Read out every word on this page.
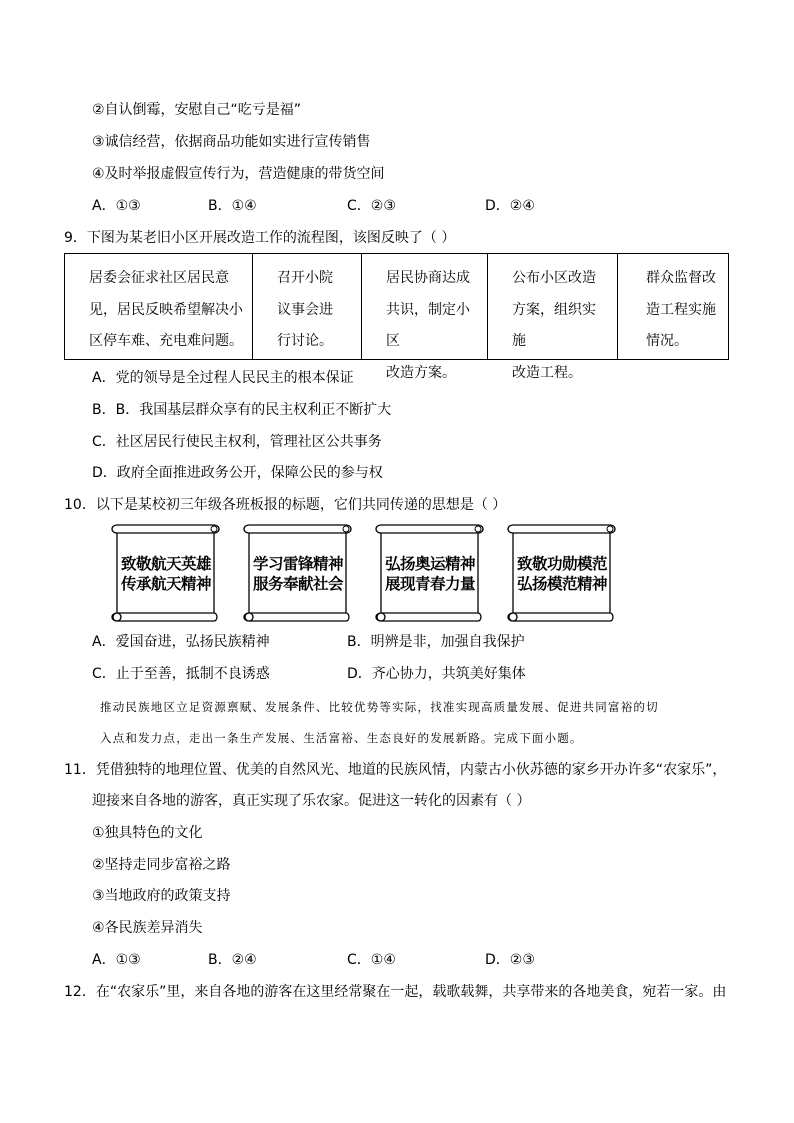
②自认倒霉，安慰自己“吃亏是福”
③诚信经营，依据商品功能如实进行宣传销售
④及时举报虚假宣传行为，营造健康的带货空间
A．①③	B．①④	C．②③	D．②④
9．下图为某老旧小区开展改造工作的流程图，该图反映了（ ）
居委会征求社区居民意
见，居民反映希望解决小
区停车难、充电难问题。
召开小院
议事会进
行讨论。
居民协商达成
共识，制定小区
改造方案。
公布小区改造
方案，组织实施
改造工程。
群众监督改
造工程实施
情况。
A．党的领导是全过程人民民主的根本保证
B．B．我国基层群众享有的民主权利正不断扩大
C．社区居民行使民主权利，管理社区公共事务
D．政府全面推进政务公开，保障公民的参与权
10．以下是某校初三年级各班板报的标题，它们共同传递的思想是（ ）
致敬航天英雄
传承航天精神
学习雷锋精神
服务奉献社会
弘扬奥运精神
展现青春力量
致敬功勋模范
弘扬模范精神
A．爱国奋进，弘扬民族精神	B．明辨是非，加强自我保护
C．止于至善，抵制不良诱惑	D．齐心协力，共筑美好集体
推动民族地区立足资源禀赋、发展条件、比较优势等实际，找准实现高质量发展、促进共同富裕的切
入点和发力点，走出一条生产发展、生活富裕、生态良好的发展新路。完成下面小题。
11．凭借独特的地理位置、优美的自然风光、地道的民族风情，内蒙古小伙苏德的家乡开办许多“农家乐”，
迎接来自各地的游客，真正实现了乐农家。促进这一转化的因素有（ ）
①独具特色的文化
②坚持走同步富裕之路
③当地政府的政策支持
④各民族差异消失
A．①③	B．②④	C．①④	D．②③
12．在“农家乐”里，来自各地的游客在这里经常聚在一起，载歌载舞，共享带来的各地美食，宛若一家。由
